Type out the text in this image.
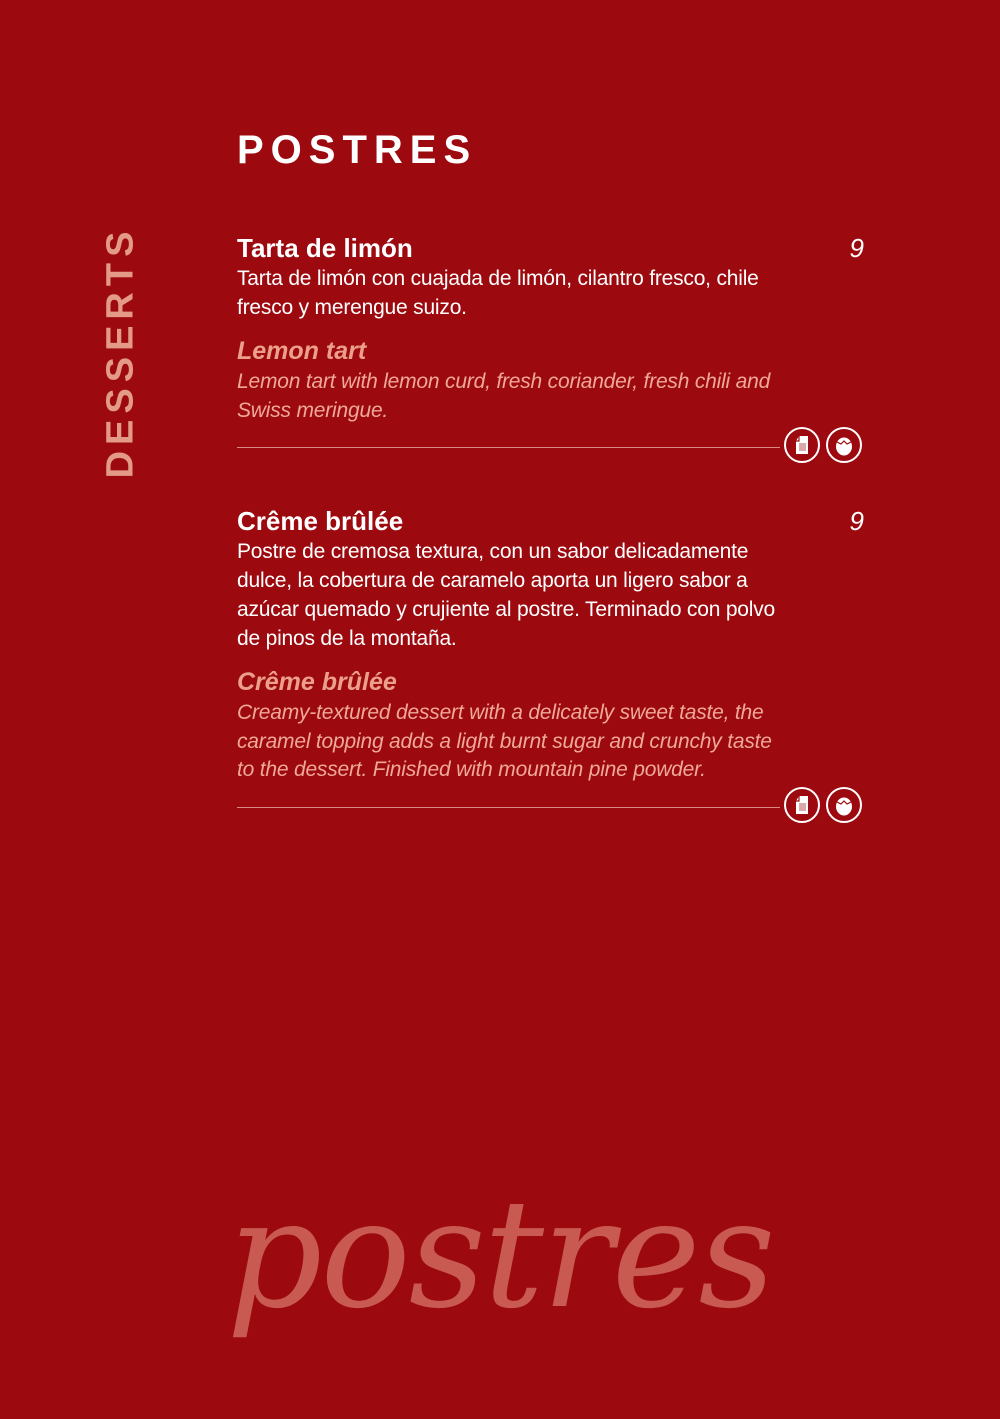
POSTRES
DESSERTS	Tarta de limón	9

Tarta de limón con cuajada de limón, cilantro fresco, chile fresco y merengue suizo.

Lemon tart

Lemon tart with lemon curd, fresh coriander, fresh chili and Swiss meringue.

Crême brûlée	9

Postre de cremosa textura, con un sabor delicadamente dulce, la cobertura de caramelo aporta un ligero sabor a azúcar quemado y crujiente al postre. Terminado con polvo de pinos de la montaña.

Crême brûlée

Creamy-textured dessert with a delicately sweet taste, the caramel topping adds a light burnt sugar and crunchy taste to the dessert. Finished with mountain pine powder.

postres
